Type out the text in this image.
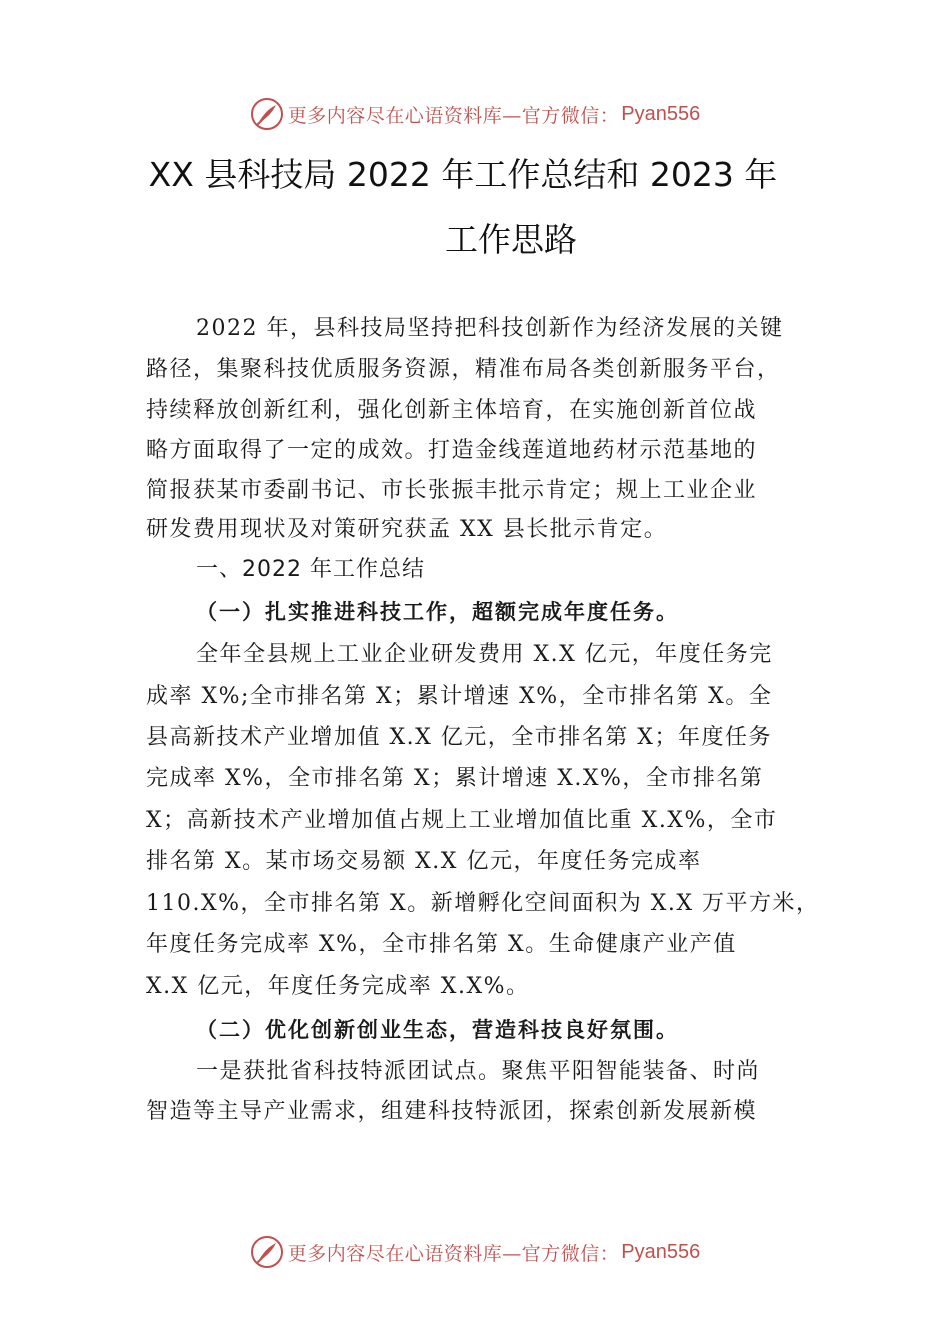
更多内容尽在心语资料库—官方微信： Pyan556
XX 县科技局 2022 年工作总结和 2023 年
工作思路
2022 年，县科技局坚持把科技创新作为经济发展的关键
路径，集聚科技优质服务资源，精准布局各类创新服务平台，
持续释放创新红利，强化创新主体培育，在实施创新首位战
略方面取得了一定的成效。打造金线莲道地药材示范基地的
简报获某市委副书记、市长张振丰批示肯定；规上工业企业
研发费用现状及对策研究获孟 XX 县长批示肯定。
一、2022 年工作总结
（一）扎实推进科技工作，超额完成年度任务。
全年全县规上工业企业研发费用 X.X 亿元，年度任务完
成率 X%;全市排名第 X；累计增速 X%，全市排名第 X。全
县高新技术产业增加值 X.X 亿元，全市排名第 X；年度任务
完成率 X%，全市排名第 X；累计增速 X.X%，全市排名第
X；高新技术产业增加值占规上工业增加值比重 X.X%，全市
排名第 X。某市场交易额 X.X 亿元，年度任务完成率
110.X%，全市排名第 X。新增孵化空间面积为 X.X 万平方米，
年度任务完成率 X%，全市排名第 X。生命健康产业产值
X.X 亿元，年度任务完成率 X.X%。
（二）优化创新创业生态，营造科技良好氛围。
一是获批省科技特派团试点。聚焦平阳智能装备、时尚
智造等主导产业需求，组建科技特派团，探索创新发展新模
更多内容尽在心语资料库—官方微信： Pyan556
